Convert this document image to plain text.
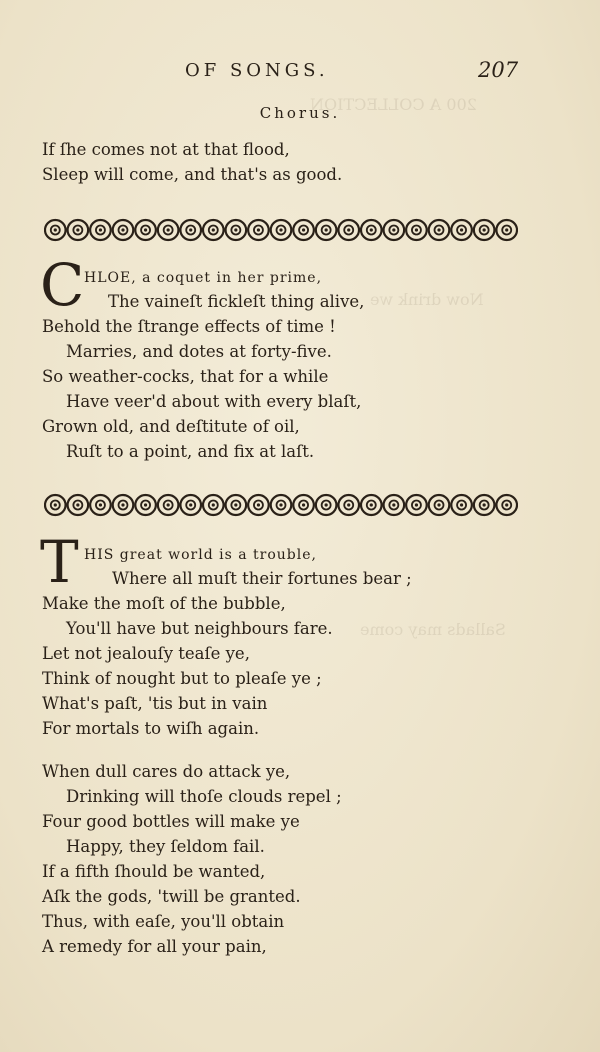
200 A COLLECTION
Now drink we
Sallads may come
OF SONGS.	207
Chorus.

If ſhe comes not at that flood,

Sleep will come, and that's as good.

C HLOE, a coquet in her prime,

The vaineſt fickleſt thing alive,

Behold the ſtrange effects of time !

Marries, and dotes at forty-five.

So weather-cocks, that for a while

Have veer'd about with every blaſt,

Grown old, and deſtitute of oil,

Ruſt to a point, and fix at laſt.

T HIS great world is a trouble,

Where all muſt their fortunes bear ;

Make the moſt of the bubble,

You'll have but neighbours fare.

Let not jealouſy teaſe ye,

Think of nought but to pleaſe ye ;

What's paſt, 'tis but in vain

For mortals to wiſh again.

When dull cares do attack ye,

Drinking will thoſe clouds repel ;

Four good bottles will make ye

Happy, they ſeldom fail.

If a fifth ſhould be wanted,

Aſk the gods, 'twill be granted.

Thus, with eaſe, you'll obtain

A remedy for all your pain,
